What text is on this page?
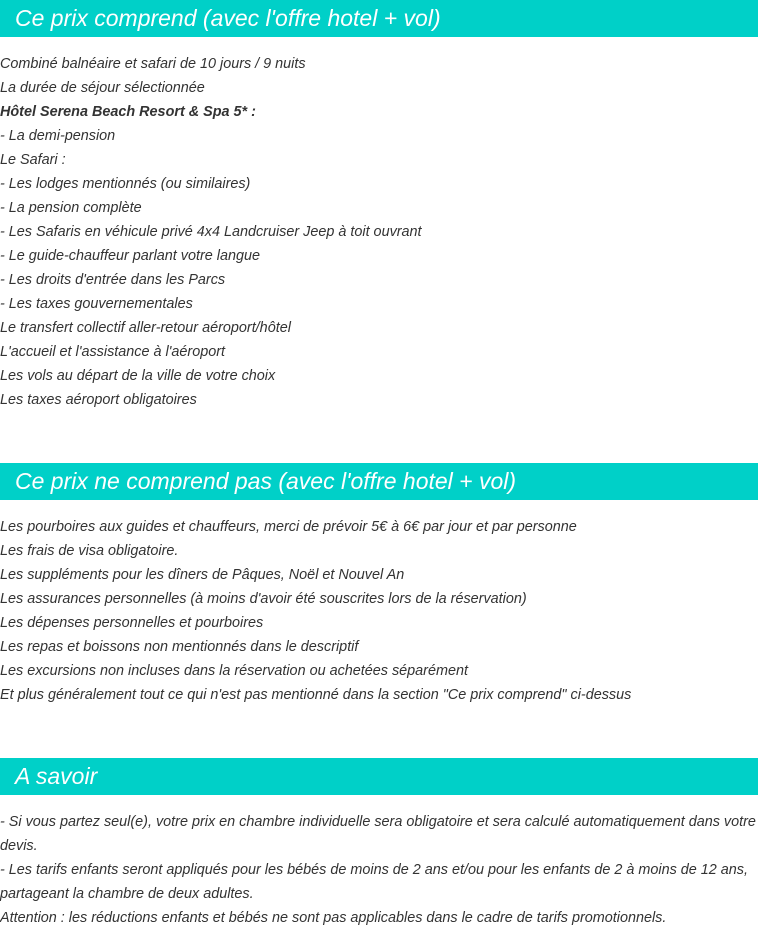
Ce prix comprend (avec l'offre hotel + vol)
Combiné balnéaire et safari de 10 jours / 9 nuits
La durée de séjour sélectionnée
Hôtel Serena Beach Resort & Spa 5* :
- La demi-pension
Le Safari :
- Les lodges mentionnés (ou similaires)
- La pension complète
- Les Safaris en véhicule privé 4x4 Landcruiser Jeep à toit ouvrant
- Le guide-chauffeur parlant votre langue
- Les droits d'entrée dans les Parcs
- Les taxes gouvernementales
Le transfert collectif aller-retour aéroport/hôtel
L'accueil et l'assistance à l'aéroport
Les vols au départ de la ville de votre choix
Les taxes aéroport obligatoires
Ce prix ne comprend pas (avec l'offre hotel + vol)
Les pourboires aux guides et chauffeurs, merci de prévoir 5€ à 6€ par jour et par personne
Les frais de visa obligatoire.
Les suppléments pour les dîners de Pâques, Noël et Nouvel An
Les assurances personnelles (à moins d'avoir été souscrites lors de la réservation)
Les dépenses personnelles et pourboires
Les repas et boissons non mentionnés dans le descriptif
Les excursions non incluses dans la réservation ou achetées séparément
Et plus généralement tout ce qui n'est pas mentionné dans la section "Ce prix comprend" ci-dessus
A savoir
- Si vous partez seul(e), votre prix en chambre individuelle sera obligatoire et sera calculé automatiquement dans votre devis.
- Les tarifs enfants seront appliqués pour les bébés de moins de 2 ans et/ou pour les enfants de 2 à moins de 12 ans, partageant la chambre de deux adultes.
Attention : les réductions enfants et bébés ne sont pas applicables dans le cadre de tarifs promotionnels.
